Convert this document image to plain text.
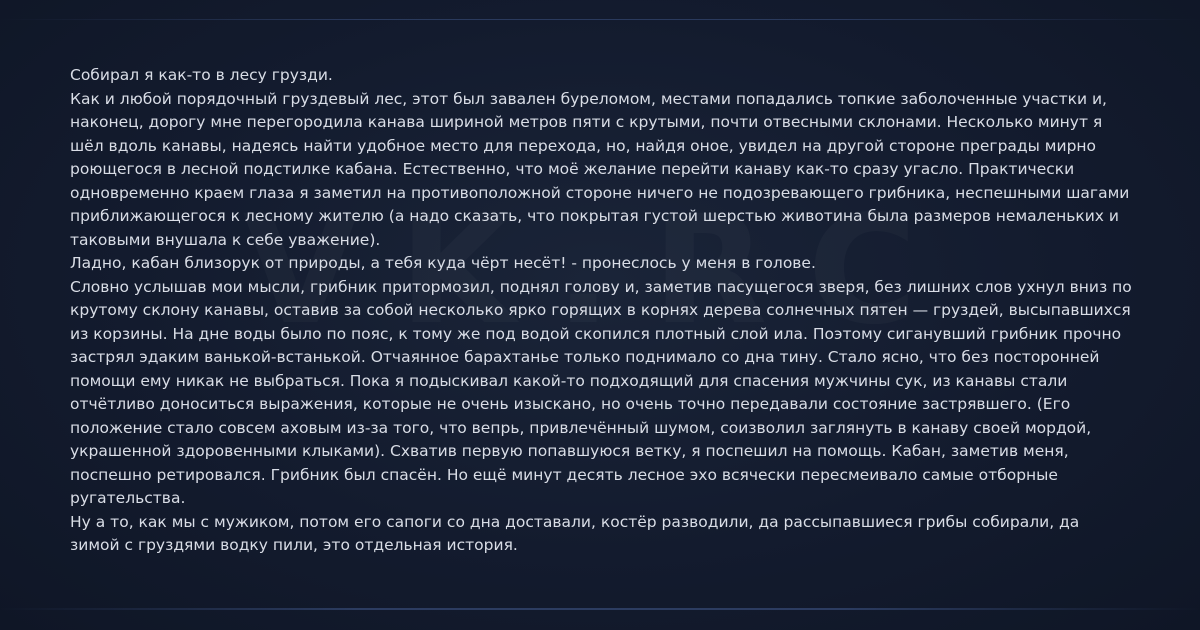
Собирал я как-то в лесу грузди.

Как и любой порядочный груздевый лес, этот был завален буреломом, местами попадались топкие заболоченные участки и, наконец, дорогу мне перегородила канава шириной метров пяти с крутыми, почти отвесными склонами. Несколько минут я шёл вдоль канавы, надеясь найти удобное место для перехода, но, найдя оное, увидел на другой стороне преграды мирно роющегося в лесной подстилке кабана. Естественно, что моё желание перейти канаву как-то сразу угасло. Практически одновременно краем глаза я заметил на противоположной стороне ничего не подозревающего грибника, неспешными шагами приближающегося к лесному жителю (а надо сказать, что покрытая густой шерстью животина была размеров немаленьких и таковыми внушала к себе уважение).

Ладно, кабан близорук от природы, а тебя куда чёрт несёт! - пронеслось у меня в голове.

Словно услышав мои мысли, грибник притормозил, поднял голову и, заметив пасущегося зверя, без лишних слов ухнул вниз по крутому склону канавы, оставив за собой несколько ярко горящих в корнях дерева солнечных пятен — груздей, высыпавшихся из корзины. На дне воды было по пояс, к тому же под водой скопился плотный слой ила. Поэтому сиганувший грибник прочно застрял эдаким ванькой-встанькой. Отчаянное барахтанье только поднимало со дна тину. Стало ясно, что без посторонней помощи ему никак не выбраться. Пока я подыскивал какой-то подходящий для спасения мужчины сук, из канавы стали отчётливо доноситься выражения, которые не очень изыскано, но очень точно передавали состояние застрявшего. (Его положение стало совсем аховым из-за того, что вепрь, привлечённый шумом, соизволил заглянуть в канаву своей мордой, украшенной здоровенными клыками). Схватив первую попавшуюся ветку, я поспешил на помощь. Кабан, заметив меня, поспешно ретировался. Грибник был спасён. Но ещё минут десять лесное эхо всячески пересмеивало самые отборные ругательства.

Ну а то, как мы с мужиком, потом его сапоги со дна доставали, костёр разводили, да рассыпавшиеся грибы собирали, да зимой с груздями водку пили, это отдельная история.
